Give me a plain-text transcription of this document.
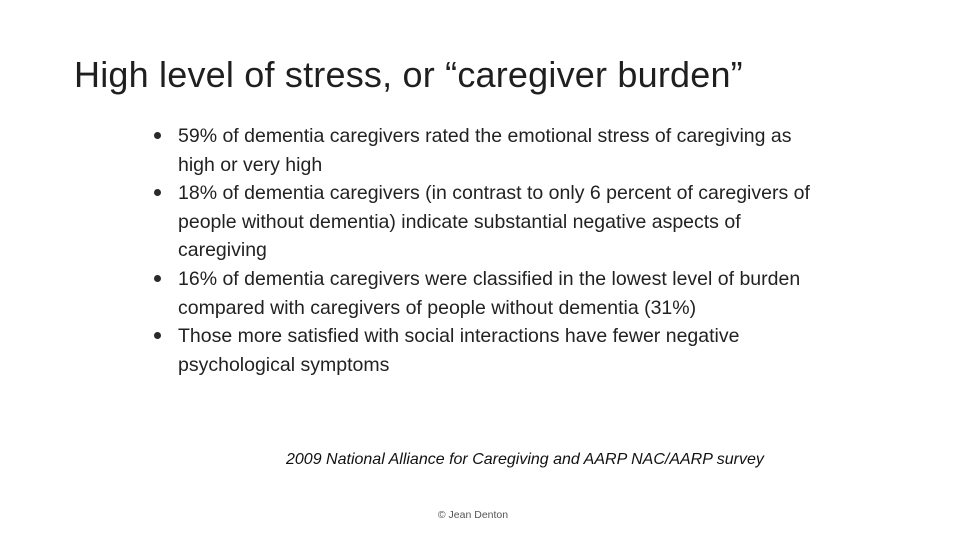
High level of stress, or “caregiver burden”
59% of dementia caregivers rated the emotional stress of caregiving as high or very high
18% of dementia caregivers (in contrast to only 6 percent of caregivers of people without dementia) indicate substantial negative aspects of caregiving
16% of dementia caregivers were classified in the lowest level of burden compared with caregivers of people without dementia (31%)
Those more satisfied with social interactions have fewer negative psychological symptoms
2009 National Alliance for Caregiving and AARP NAC/AARP survey
© Jean Denton
